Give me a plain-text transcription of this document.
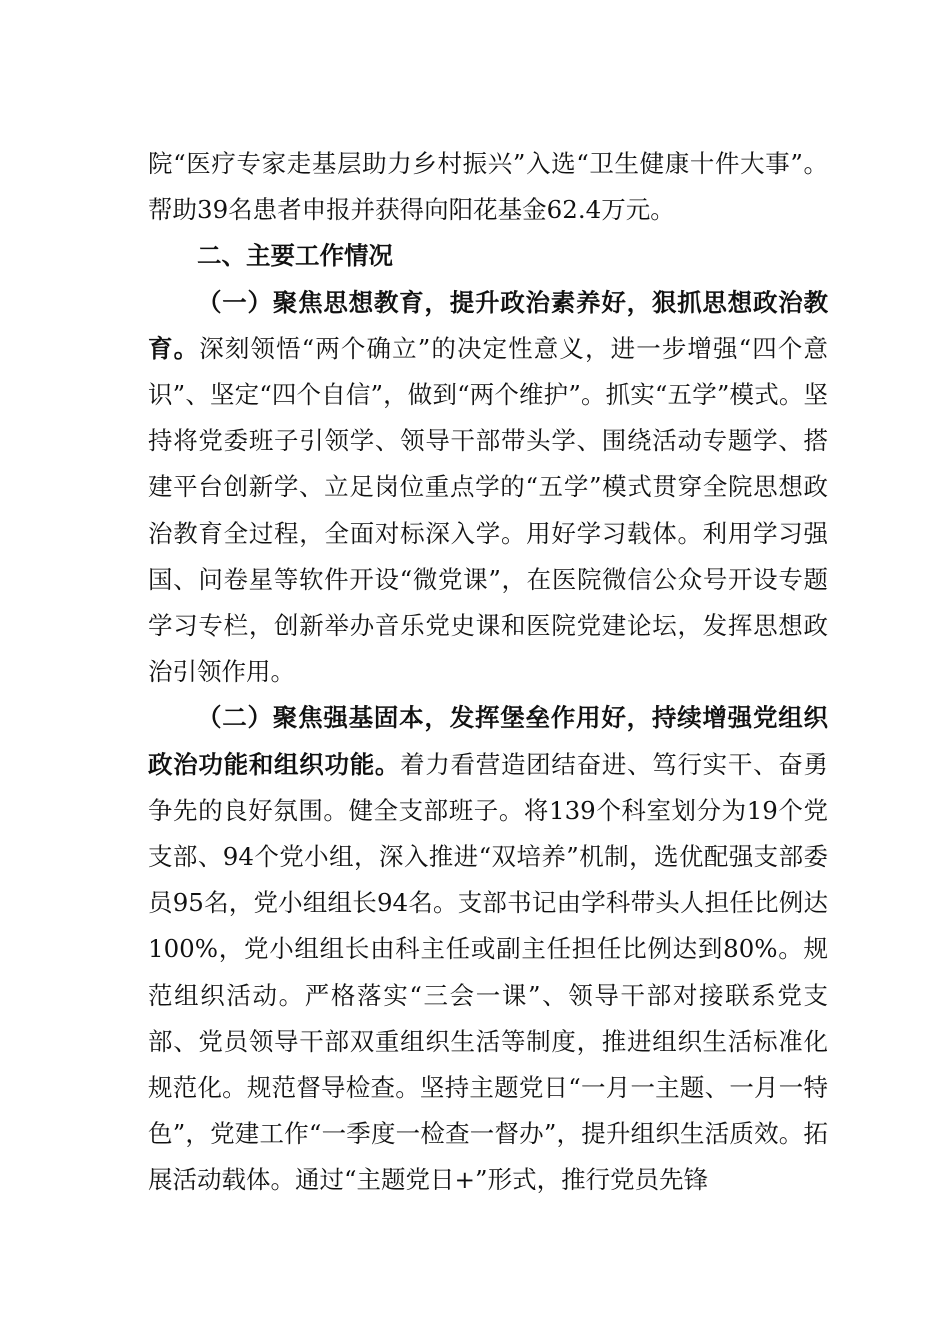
院“医疗专家走基层助力乡村振兴”入选“卫生健康十件大事”。帮助39名患者申报并获得向阳花基金62.4万元。

二、主要工作情况

（一）聚焦思想教育，提升政治素养好，狠抓思想政治教育。深刻领悟“两个确立”的决定性意义，进一步增强“四个意识”、坚定“四个自信”，做到“两个维护”。抓实“五学”模式。坚持将党委班子引领学、领导干部带头学、围绕活动专题学、搭建平台创新学、立足岗位重点学的“五学”模式贯穿全院思想政治教育全过程，全面对标深入学。用好学习载体。利用学习强国、问卷星等软件开设“微党课”，在医院微信公众号开设专题学习专栏，创新举办音乐党史课和医院党建论坛，发挥思想政治引领作用。

（二）聚焦强基固本，发挥堡垒作用好，持续增强党组织政治功能和组织功能。着力看营造团结奋进、笃行实干、奋勇争先的良好氛围。健全支部班子。将139个科室划分为19个党支部、94个党小组，深入推进“双培养”机制，选优配强支部委员95名，党小组组长94名。支部书记由学科带头人担任比例达100%，党小组组长由科主任或副主任担任比例达到80%。规范组织活动。严格落实“三会一课”、领导干部对接联系党支部、党员领导干部双重组织生活等制度，推进组织生活标准化规范化。规范督导检查。坚持主题党日“一月一主题、一月一特色”，党建工作“一季度一检查一督办”，提升组织生活质效。拓展活动载体。通过“主题党日+”形式，推行党员先锋
